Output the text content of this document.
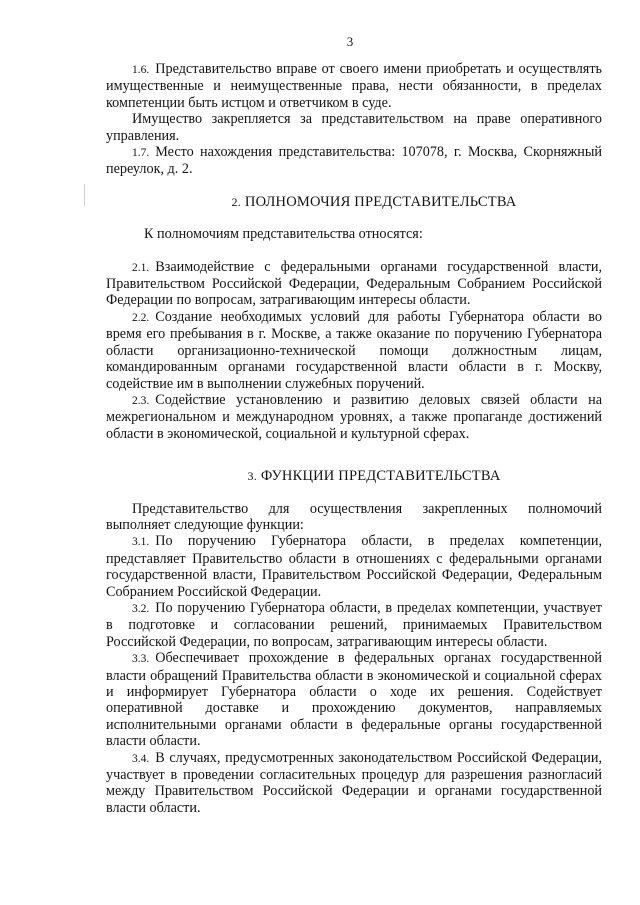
3

1.6. Представительство вправе от своего имени приобретать и осуществлять имущественные и неимущественные права, нести обязанности, в пределах компетенции быть истцом и ответчиком в суде.

Имущество закрепляется за представительством на праве оперативного управления.

1.7. Место нахождения представительства: 107078, г. Москва, Скорняжный переулок, д. 2.

2. ПОЛНОМОЧИЯ ПРЕДСТАВИТЕЛЬСТВА

К полномочиям представительства относятся:

2.1. Взаимодействие с федеральными органами государственной власти, Правительством Российской Федерации, Федеральным Собранием Российской Федерации по вопросам, затрагивающим интересы области.

2.2. Создание необходимых условий для работы Губернатора области во время его пребывания в г. Москве, а также оказание по поручению Губернатора области организационно-технической помощи должностным лицам, командированным органами государственной власти области в г. Москву, содействие им в выполнении служебных поручений.

2.3. Содействие установлению и развитию деловых связей области на межрегиональном и международном уровнях, а также пропаганде достижений области в экономической, социальной и культурной сферах.

3. ФУНКЦИИ ПРЕДСТАВИТЕЛЬСТВА

Представительство для осуществления закрепленных полномочий выполняет следующие функции:

3.1. По поручению Губернатора области, в пределах компетенции, представляет Правительство области в отношениях с федеральными органами государственной власти, Правительством Российской Федерации, Федеральным Собранием Российской Федерации.

3.2. По поручению Губернатора области, в пределах компетенции, участвует в подготовке и согласовании решений, принимаемых Правительством Российской Федерации, по вопросам, затрагивающим интересы области.

3.3. Обеспечивает прохождение в федеральных органах государственной власти обращений Правительства области в экономической и социальной сферах и информирует Губернатора области о ходе их решения. Содействует оперативной доставке и прохождению документов, направляемых исполнительными органами области в федеральные органы государственной власти области.

3.4. В случаях, предусмотренных законодательством Российской Федерации, участвует в проведении согласительных процедур для разрешения разногласий между Правительством Российской Федерации и органами государственной власти области.
